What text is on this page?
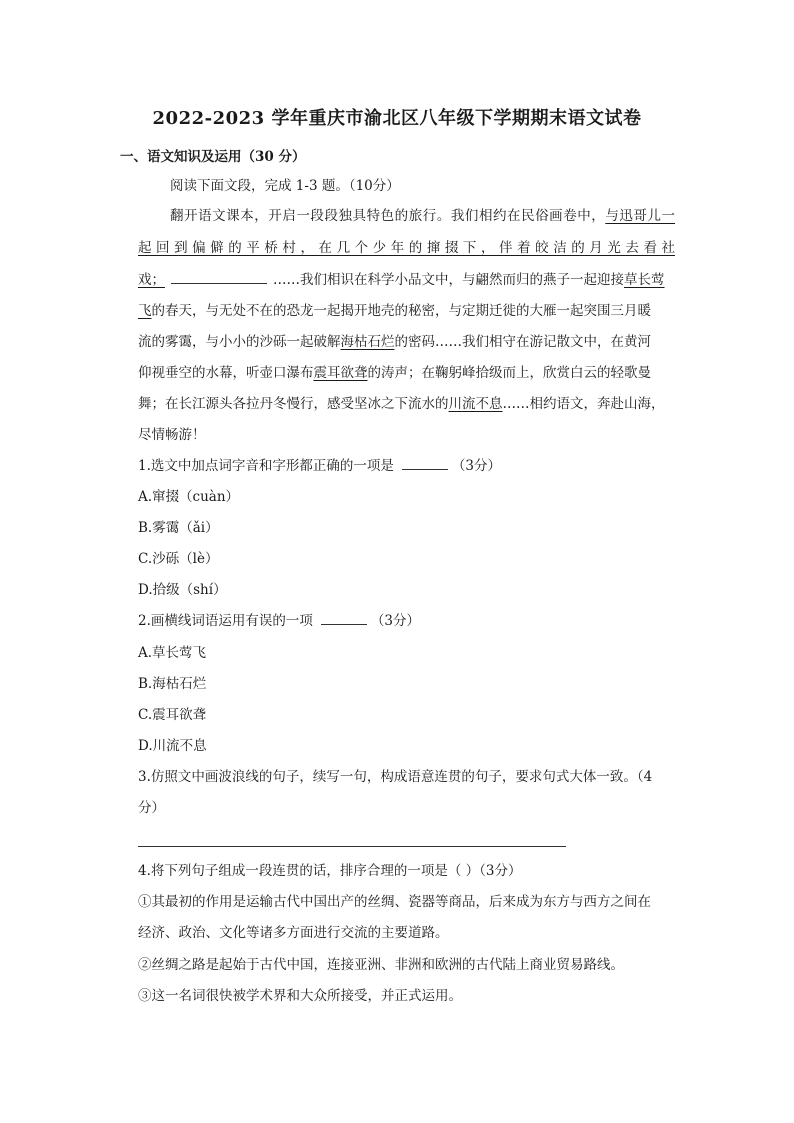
2022-2023 学年重庆市渝北区八年级下学期期末语文试卷
一、语文知识及运用（30 分）
阅读下面文段，完成 1-3 题。（10分）
翻开语文课本，开启一段段独具特色的旅行。我们相约在民俗画卷中，与迅哥儿一
起回到偏僻的平桥村，在几个少年的撺掇下，伴着皎洁的月光去看社
戏；	……我们相识在科学小品文中，与翩然而归的燕子一起迎接草长莺
飞的春天，与无处不在的恐龙一起揭开地壳的秘密，与定期迁徙的大雁一起突围三月暖
流的雾霭，与小小的沙砾一起破解海枯石烂的密码……我们相守在游记散文中，在黄河
仰视垂空的水幕，听壶口瀑布震耳欲聋的涛声；在鞠躬峰拾级而上，欣赏白云的轻歌曼
舞；在长江源头各拉丹冬慢行，感受坚冰之下流水的川流不息……相约语文，奔赴山海，
尽情畅游！
1.选文中加点词字音和字形都正确的一项是	（3分）
A.窜掇（cuàn）
B.雾霭（ǎi）
C.沙砾（lè）
D.拾级（shí）
2.画横线词语运用有误的一项	（3分）
A.草长莺飞
B.海枯石烂
C.震耳欲聋
D.川流不息
3.仿照文中画波浪线的句子，续写一句，构成语意连贯的句子，要求句式大体一致。（4
分）
4.将下列句子组成一段连贯的话，排序合理的一项是（ ）（3分）
①其最初的作用是运输古代中国出产的丝绸、瓷器等商品，后来成为东方与西方之间在
经济、政治、文化等诸多方面进行交流的主要道路。
②丝绸之路是起始于古代中国，连接亚洲、非洲和欧洲的古代陆上商业贸易路线。
③这一名词很快被学术界和大众所接受，并正式运用。
